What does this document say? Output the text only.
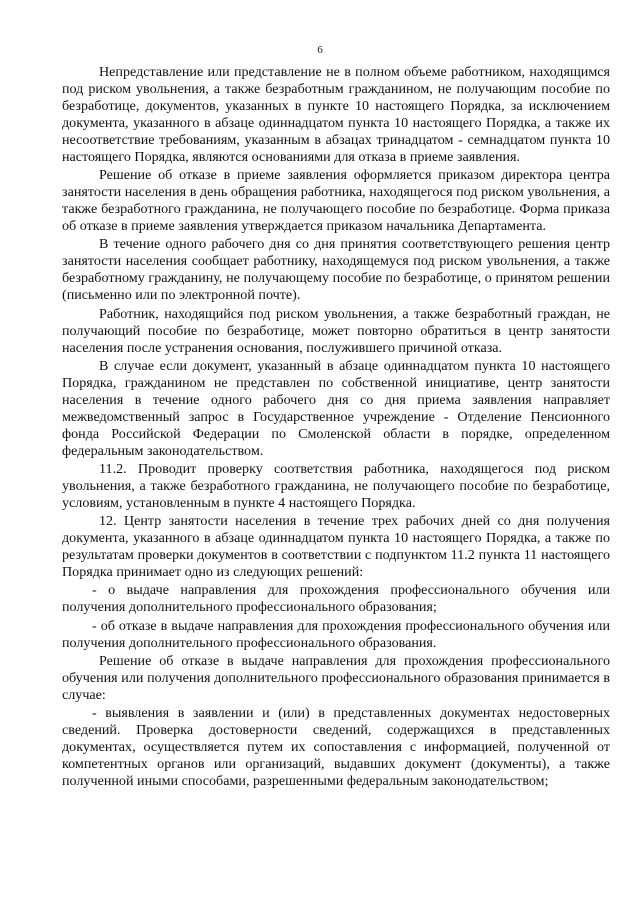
6

Непредставление или представление не в полном объеме работником, находящимся под риском увольнения, а также безработным гражданином, не получающим пособие по безработице, документов, указанных в пункте 10 настоящего Порядка, за исключением документа, указанного в абзаце одиннадцатом пункта 10 настоящего Порядка, а также их несоответствие требованиям, указанным в абзацах тринадцатом - семнадцатом пункта 10 настоящего Порядка, являются основаниями для отказа в приеме заявления.

Решение об отказе в приеме заявления оформляется приказом директора центра занятости населения в день обращения работника, находящегося под риском увольнения, а также безработного гражданина, не получающего пособие по безработице. Форма приказа об отказе в приеме заявления утверждается приказом начальника Департамента.

В течение одного рабочего дня со дня принятия соответствующего решения центр занятости населения сообщает работнику, находящемуся под риском увольнения, а также безработному гражданину, не получающему пособие по безработице, о принятом решении (письменно или по электронной почте).

Работник, находящийся под риском увольнения, а также безработный граждан, не получающий пособие по безработице, может повторно обратиться в центр занятости населения после устранения основания, послужившего причиной отказа.

В случае если документ, указанный в абзаце одиннадцатом пункта 10 настоящего Порядка, гражданином не представлен по собственной инициативе, центр занятости населения в течение одного рабочего дня со дня приема заявления направляет межведомственный запрос в Государственное учреждение - Отделение Пенсионного фонда Российской Федерации по Смоленской области в порядке, определенном федеральным законодательством.

11.2. Проводит проверку соответствия работника, находящегося под риском увольнения, а также безработного гражданина, не получающего пособие по безработице, условиям, установленным в пункте 4 настоящего Порядка.

12. Центр занятости населения в течение трех рабочих дней со дня получения документа, указанного в абзаце одиннадцатом пункта 10 настоящего Порядка, а также по результатам проверки документов в соответствии с подпунктом 11.2 пункта 11 настоящего Порядка принимает одно из следующих решений:

- о выдаче направления для прохождения профессионального обучения или получения дополнительного профессионального образования;

- об отказе в выдаче направления для прохождения профессионального обучения или получения дополнительного профессионального образования.

Решение об отказе в выдаче направления для прохождения профессионального обучения или получения дополнительного профессионального образования принимается в случае:

- выявления в заявлении и (или) в представленных документах недостоверных сведений. Проверка достоверности сведений, содержащихся в представленных документах, осуществляется путем их сопоставления с информацией, полученной от компетентных органов или организаций, выдавших документ (документы), а также полученной иными способами, разрешенными федеральным законодательством;
